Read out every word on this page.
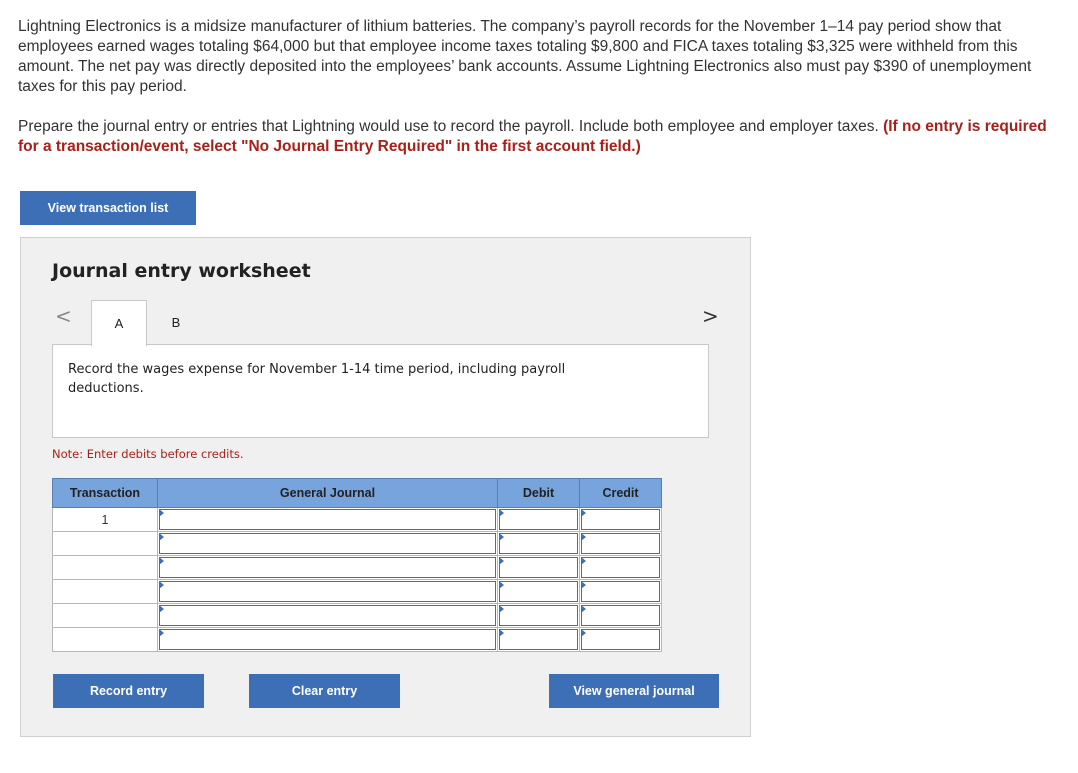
Lightning Electronics is a midsize manufacturer of lithium batteries. The company’s payroll records for the November 1–14 pay period show that employees earned wages totaling $64,000 but that employee income taxes totaling $9,800 and FICA taxes totaling $3,325 were withheld from this amount. The net pay was directly deposited into the employees’ bank accounts. Assume Lightning Electronics also must pay $390 of unemployment taxes for this pay period.

Prepare the journal entry or entries that Lightning would use to record the payroll. Include both employee and employer taxes. (If no entry is required for a transaction/event, select "No Journal Entry Required" in the first account field.)

View transaction list
Journal entry worksheet
<	>
A	B
Record the wages expense for November 1-14 time period, including payroll deductions.
Note: Enter debits before credits.
Transaction	General Journal	Debit	Credit
1	

Record entry	Clear entry	View general journal
